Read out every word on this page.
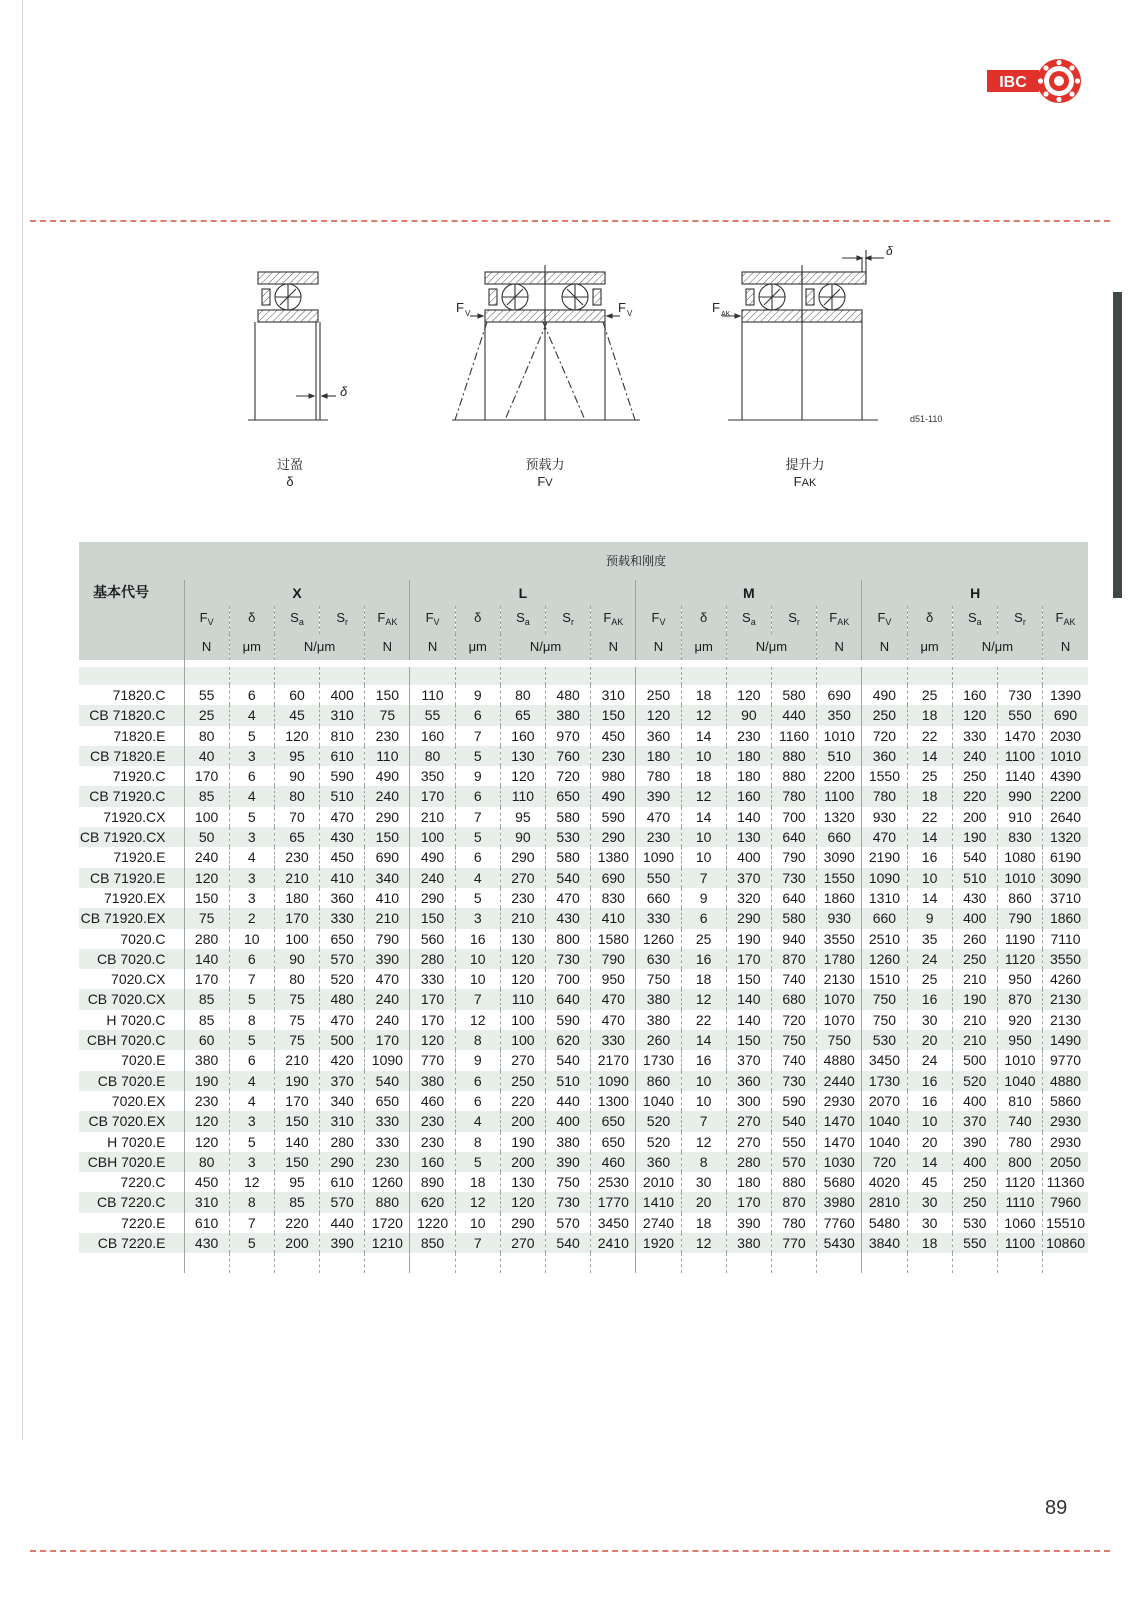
IBC
δ
δ
F V	F V	F AK
d51-110
过盈
δ
预载力
FV
提升力
FAK
	预载和刚度																			
基本代号	X					L					M					H				
	$F_V$	δ	$S_a$	$S_r$	$F_{AK}$	$F_V$	δ	$S_a$	$S_r$	$F_{AK}$	$F_V$	δ	$S_a$	$S_r$	$F_{AK}$	$F_V$	δ	$S_a$	$S_r$	$F_{AK}$
	N	μm	N/μm		N	N	μm	N/μm		N	N	μm	N/μm		N	N	μm	N/μm		N

71820.C	55	6	60	400	150	110	9	80	480	310	250	18	120	580	690	490	25	160	730	1390
CB 71820.C	25	4	45	310	75	55	6	65	380	150	120	12	90	440	350	250	18	120	550	690
71820.E	80	5	120	810	230	160	7	160	970	450	360	14	230	1160	1010	720	22	330	1470	2030
CB 71820.E	40	3	95	610	110	80	5	130	760	230	180	10	180	880	510	360	14	240	1100	1010
71920.C	170	6	90	590	490	350	9	120	720	980	780	18	180	880	2200	1550	25	250	1140	4390
CB 71920.C	85	4	80	510	240	170	6	110	650	490	390	12	160	780	1100	780	18	220	990	2200
71920.CX	100	5	70	470	290	210	7	95	580	590	470	14	140	700	1320	930	22	200	910	2640
CB 71920.CX	50	3	65	430	150	100	5	90	530	290	230	10	130	640	660	470	14	190	830	1320
71920.E	240	4	230	450	690	490	6	290	580	1380	1090	10	400	790	3090	2190	16	540	1080	6190
CB 71920.E	120	3	210	410	340	240	4	270	540	690	550	7	370	730	1550	1090	10	510	1010	3090
71920.EX	150	3	180	360	410	290	5	230	470	830	660	9	320	640	1860	1310	14	430	860	3710
CB 71920.EX	75	2	170	330	210	150	3	210	430	410	330	6	290	580	930	660	9	400	790	1860
7020.C	280	10	100	650	790	560	16	130	800	1580	1260	25	190	940	3550	2510	35	260	1190	7110
CB 7020.C	140	6	90	570	390	280	10	120	730	790	630	16	170	870	1780	1260	24	250	1120	3550
7020.CX	170	7	80	520	470	330	10	120	700	950	750	18	150	740	2130	1510	25	210	950	4260
CB 7020.CX	85	5	75	480	240	170	7	110	640	470	380	12	140	680	1070	750	16	190	870	2130
H 7020.C	85	8	75	470	240	170	12	100	590	470	380	22	140	720	1070	750	30	210	920	2130
CBH 7020.C	60	5	75	500	170	120	8	100	620	330	260	14	150	750	750	530	20	210	950	1490
7020.E	380	6	210	420	1090	770	9	270	540	2170	1730	16	370	740	4880	3450	24	500	1010	9770
CB 7020.E	190	4	190	370	540	380	6	250	510	1090	860	10	360	730	2440	1730	16	520	1040	4880
7020.EX	230	4	170	340	650	460	6	220	440	1300	1040	10	300	590	2930	2070	16	400	810	5860
CB 7020.EX	120	3	150	310	330	230	4	200	400	650	520	7	270	540	1470	1040	10	370	740	2930
H 7020.E	120	5	140	280	330	230	8	190	380	650	520	12	270	550	1470	1040	20	390	780	2930
CBH 7020.E	80	3	150	290	230	160	5	200	390	460	360	8	280	570	1030	720	14	400	800	2050
7220.C	450	12	95	610	1260	890	18	130	750	2530	2010	30	180	880	5680	4020	45	250	1120	11360
CB 7220.C	310	8	85	570	880	620	12	120	730	1770	1410	20	170	870	3980	2810	30	250	1110	7960
7220.E	610	7	220	440	1720	1220	10	290	570	3450	2740	18	390	780	7760	5480	30	530	1060	15510
CB 7220.E	430	5	200	390	1210	850	7	270	540	2410	1920	12	380	770	5430	3840	18	550	1100	10860

89
